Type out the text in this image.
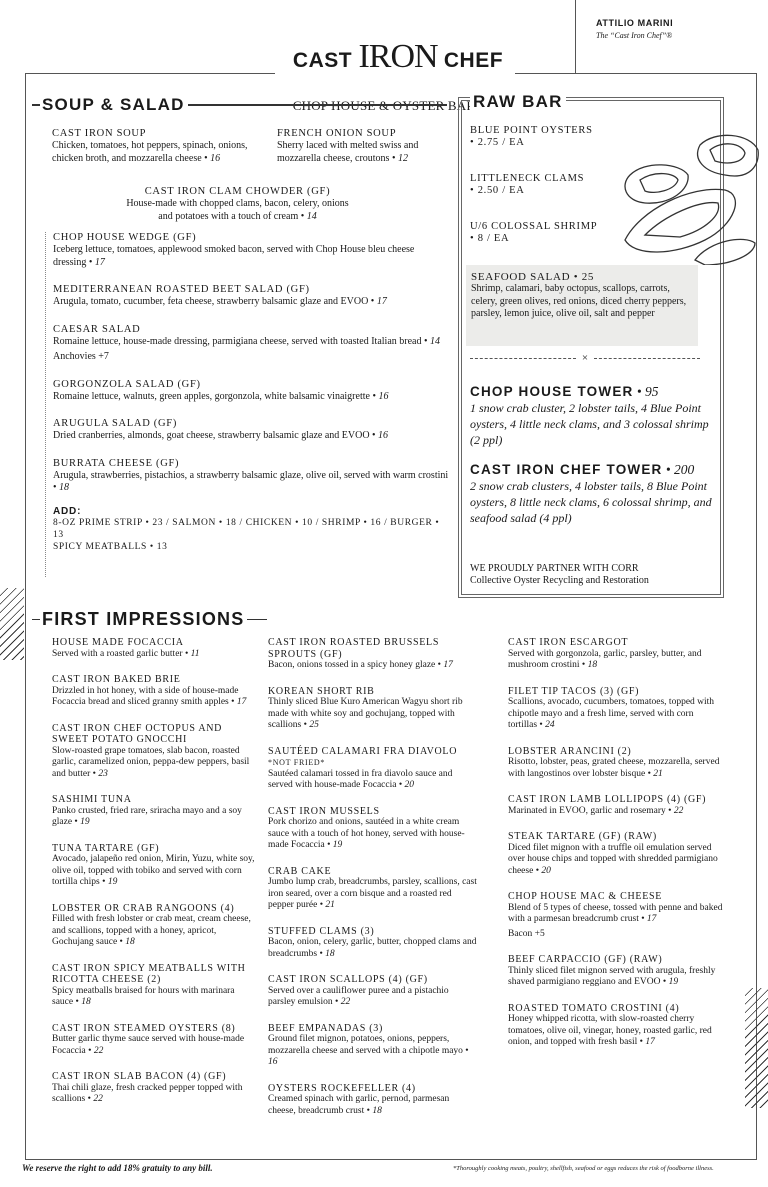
ATTILIO MARINI
The “Cast Iron Chef”®
CAST IRON CHEF
BAR
SOUP & SALAD
CAST IRON SOUP
Chicken, tomatoes, hot peppers, spinach, onions, chicken broth, and mozzarella cheese • 16
FRENCH ONION SOUP
Sherry laced with melted swiss and mozzarella cheese, croutons • 12
CAST IRON CLAM CHOWDER (GF)
House-made with chopped clams, bacon, celery, onions and potatoes with a touch of cream • 14
CHOP HOUSE WEDGE (GF)
Iceberg lettuce, tomatoes, applewood smoked bacon, served with Chop House bleu cheese dressing • 17
MEDITERRANEAN ROASTED BEET SALAD (GF)
Arugula, tomato, cucumber, feta cheese, strawberry balsamic glaze and EVOO • 17
CAESAR SALAD
Romaine lettuce, house-made dressing, parmigiana cheese, served with toasted Italian bread • 14
Anchovies +7
GORGONZOLA SALAD (GF)
Romaine lettuce, walnuts, green apples, gorgonzola, white balsamic vinaigrette • 16
ARUGULA SALAD (GF)
Dried cranberries, almonds, goat cheese, strawberry balsamic glaze and EVOO • 16
BURRATA CHEESE (GF)
Arugula, strawberries, pistachios, a strawberry balsamic glaze, olive oil, served with warm crostini • 18
ADD:
8-OZ PRIME STRIP • 23 / SALMON • 18 / CHICKEN • 10 / SHRIMP • 16 / BURGER • 13
SPICY MEATBALLS • 13
RAW BAR
BLUE POINT OYSTERS
• 2.75 / EA
LITTLENECK CLAMS
• 2.50 / EA
U/6 COLOSSAL SHRIMP
• 8 / EA
SEAFOOD SALAD • 25
Shrimp, calamari, baby octopus, scallops, carrots, celery, green olives, red onions, diced cherry peppers, parsley, lemon juice, olive oil, salt and pepper
×
CHOP HOUSE TOWER • 95
1 snow crab cluster, 2 lobster tails, 4 Blue Point oysters, 4 little neck clams, and 3 colossal shrimp (2 ppl)
CAST IRON CHEF TOWER • 200
2 snow crab clusters, 4 lobster tails, 8 Blue Point oysters, 8 little neck clams, 6 colossal shrimp, and seafood salad (4 ppl)
WE PROUDLY PARTNER WITH CORR
Collective Oyster Recycling and Restoration
FIRST IMPRESSIONS
HOUSE MADE FOCACCIA
Served with a roasted garlic butter • 11
CAST IRON BAKED BRIE
Drizzled in hot honey, with a side of house-made Focaccia bread and sliced granny smith apples • 17
CAST IRON CHEF OCTOPUS AND SWEET POTATO GNOCCHI
Slow-roasted grape tomatoes, slab bacon, roasted garlic, caramelized onion, peppa-dew peppers, basil and butter • 23
SASHIMI TUNA
Panko crusted, fried rare, sriracha mayo and a soy glaze • 19
TUNA TARTARE (GF)
Avocado, jalapeño red onion, Mirin, Yuzu, white soy, olive oil, topped with tobiko and served with corn tortilla chips • 19
LOBSTER OR CRAB RANGOONS (4)
Filled with fresh lobster or crab meat, cream cheese, and scallions, topped with a honey, apricot, Gochujang sauce • 18
CAST IRON SPICY MEATBALLS WITH RICOTTA CHEESE (2)
Spicy meatballs braised for hours with marinara sauce • 18
CAST IRON STEAMED OYSTERS (8)
Butter garlic thyme sauce served with house-made Focaccia • 22
CAST IRON SLAB BACON (4) (GF)
Thai chili glaze, fresh cracked pepper topped with scallions • 22
CAST IRON ROASTED BRUSSELS SPROUTS (GF)
Bacon, onions tossed in a spicy honey glaze • 17
KOREAN SHORT RIB
Thinly sliced Blue Kuro American Wagyu short rib made with white soy and gochujang, topped with scallions • 25
SAUTÉED CALAMARI FRA DIAVOLO
*NOT FRIED*
Sautéed calamari tossed in fra diavolo sauce and served with house-made Focaccia • 20
CAST IRON MUSSELS
Pork chorizo and onions, sautéed in a white cream sauce with a touch of hot honey, served with house-made Focaccia • 19
CRAB CAKE
Jumbo lump crab, breadcrumbs, parsley, scallions, cast iron seared, over a corn bisque and a roasted red pepper purée • 21
STUFFED CLAMS (3)
Bacon, onion, celery, garlic, butter, chopped clams and breadcrumbs • 18
CAST IRON SCALLOPS (4) (GF)
Served over a cauliflower puree and a pistachio parsley emulsion • 22
BEEF EMPANADAS (3)
Ground filet mignon, potatoes, onions, peppers, mozzarella cheese and served with a chipotle mayo • 16
OYSTERS ROCKEFELLER (4)
Creamed spinach with garlic, pernod, parmesan cheese, breadcrumb crust • 18
CAST IRON ESCARGOT
Served with gorgonzola, garlic, parsley, butter, and mushroom crostini • 18
FILET TIP TACOS (3) (GF)
Scallions, avocado, cucumbers, tomatoes, topped with chipotle mayo and a fresh lime, served with corn tortillas • 24
LOBSTER ARANCINI (2)
Risotto, lobster, peas, grated cheese, mozzarella, served with langostinos over lobster bisque • 21
CAST IRON LAMB LOLLIPOPS (4) (GF)
Marinated in EVOO, garlic and rosemary • 22
STEAK TARTARE (GF) (RAW)
Diced filet mignon with a truffle oil emulation served over house chips and topped with shredded parmigiano cheese • 20
CHOP HOUSE MAC & CHEESE
Blend of 5 types of cheese, tossed with penne and baked with a parmesan breadcrumb crust • 17
Bacon +5
BEEF CARPACCIO (GF) (RAW)
Thinly sliced filet mignon served with arugula, freshly shaved parmigiano reggiano and EVOO • 19
ROASTED TOMATO CROSTINI (4)
Honey whipped ricotta, with slow-roasted cherry tomatoes, olive oil, vinegar, honey, roasted garlic, red onion, and topped with fresh basil • 17
We reserve the right to add 18% gratuity to any bill.	*Thoroughly cooking meats, poultry, shellfish, seafood or eggs reduces the risk of foodborne illness.
